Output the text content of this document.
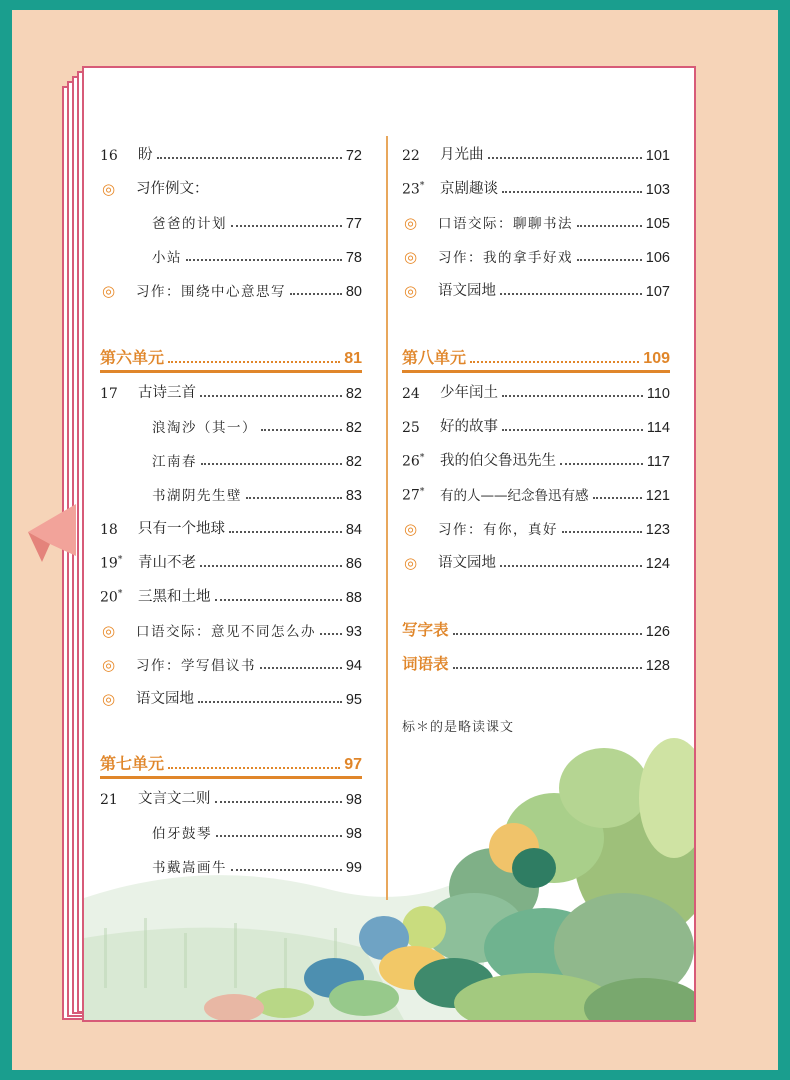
16	盼	72
◎	习作例文：
爸爸的计划	77
小站	78
◎	习作：围绕中心意思写	80
第六单元	81
17	古诗三首	82
浪淘沙（其一）	82
江南春	82
书湖阴先生壁	83
18	只有一个地球	84
19*	青山不老	86
20*	三黑和土地	88
◎	口语交际：意见不同怎么办 93
◎	习作：学写倡议书	94
◎	语文园地	95
第七单元	97
21	文言文二则	98
伯牙鼓琴	98
书戴嵩画牛	99
22	月光曲	101
23*	京剧趣谈	103
◎	口语交际：聊聊书法	105
◎	习作：我的拿手好戏	106
◎	语文园地	107
第八单元	109
24	少年闰土	110
25	好的故事	114
26*	我的伯父鲁迅先生	117
27*	有的人——纪念鲁迅有感	121
◎	习作：有你，真好	123
◎	语文园地	124
写字表	126
词语表	128
标＊的是略读课文
